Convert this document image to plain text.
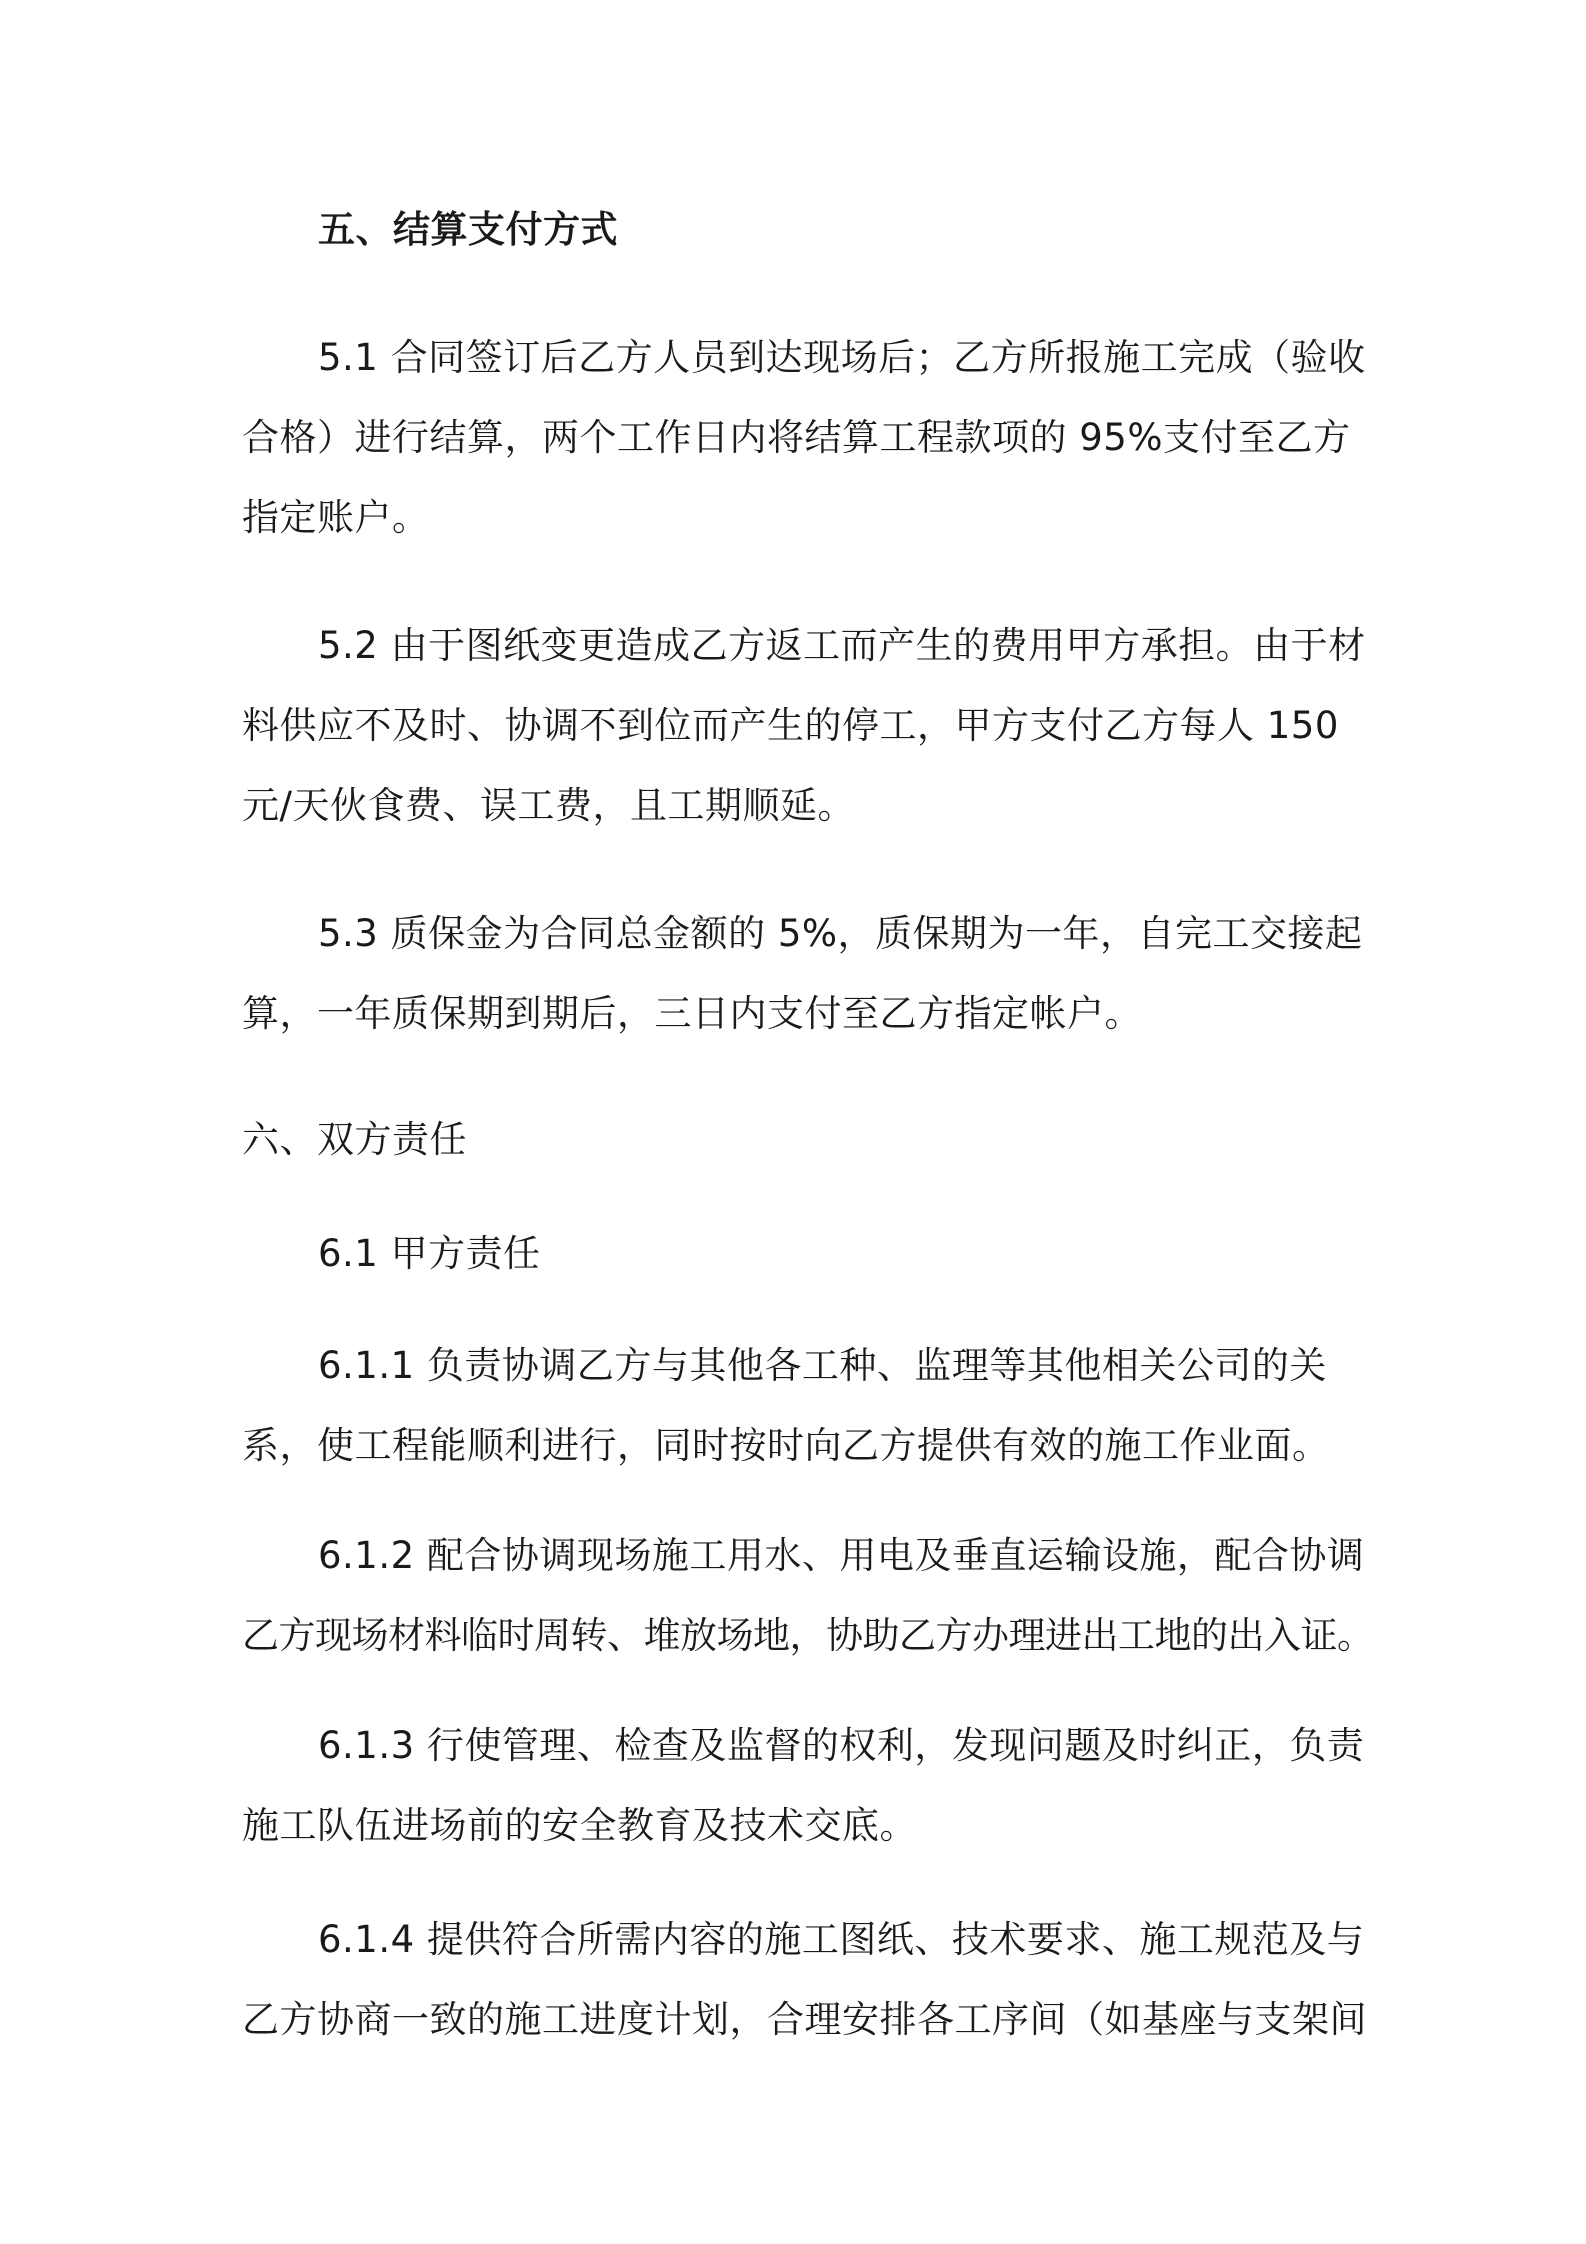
五、结算支付方式
5.1 合同签订后乙方人员到达现场后；乙方所报施工完成（验收
合格）进行结算，两个工作日内将结算工程款项的 95%支付至乙方
指定账户。
5.2 由于图纸变更造成乙方返工而产生的费用甲方承担。由于材
料供应不及时、协调不到位而产生的停工，甲方支付乙方每人 150
元/天伙食费、误工费，且工期顺延。
5.3 质保金为合同总金额的 5%，质保期为一年，自完工交接起
算，一年质保期到期后，三日内支付至乙方指定帐户。
六、双方责任
6.1 甲方责任
6.1.1 负责协调乙方与其他各工种、监理等其他相关公司的关
系，使工程能顺利进行，同时按时向乙方提供有效的施工作业面。
6.1.2 配合协调现场施工用水、用电及垂直运输设施，配合协调
乙方现场材料临时周转、堆放场地，协助乙方办理进出工地的出入证。
6.1.3 行使管理、检查及监督的权利，发现问题及时纠正，负责
施工队伍进场前的安全教育及技术交底。
6.1.4 提供符合所需内容的施工图纸、技术要求、施工规范及与
乙方协商一致的施工进度计划，合理安排各工序间（如基座与支架间
